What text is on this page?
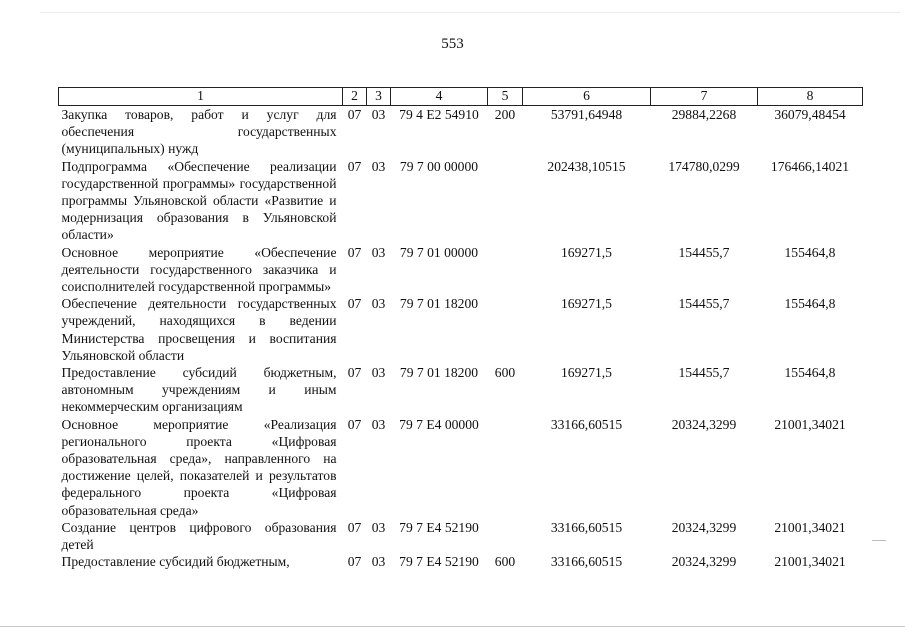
553
1	2	3	4	5	6	7	8
Закупка товаров, работ и услуг для обеспечения государственных (муниципальных) нужд	07	03	79 4 E2 54910	200	53791,64948	29884,2268	36079,48454
Подпрограмма «Обеспечение реализации государственной программы» государственной программы Ульяновской области «Развитие и модернизация образования в Ульяновской области»	07	03	79 7 00 00000		202438,10515	174780,0299	176466,14021
Основное мероприятие «Обеспечение деятельности государственного заказчика и соисполнителей государственной программы»	07	03	79 7 01 00000		169271,5	154455,7	155464,8
Обеспечение деятельности государственных учреждений, находящихся в ведении Министерства просвещения и воспитания Ульяновской области	07	03	79 7 01 18200		169271,5	154455,7	155464,8
Предоставление субсидий бюджетным, автономным учреждениям и иным некоммерческим организациям	07	03	79 7 01 18200	600	169271,5	154455,7	155464,8
Основное мероприятие «Реализация регионального проекта «Цифровая образовательная среда», направленного на достижение целей, показателей и результатов федерального проекта «Цифровая образовательная среда»	07	03	79 7 E4 00000		33166,60515	20324,3299	21001,34021
Создание центров цифрового образования детей	07	03	79 7 E4 52190		33166,60515	20324,3299	21001,34021
Предоставление субсидий бюджетным,	07	03	79 7 E4 52190	600	33166,60515	20324,3299	21001,34021
